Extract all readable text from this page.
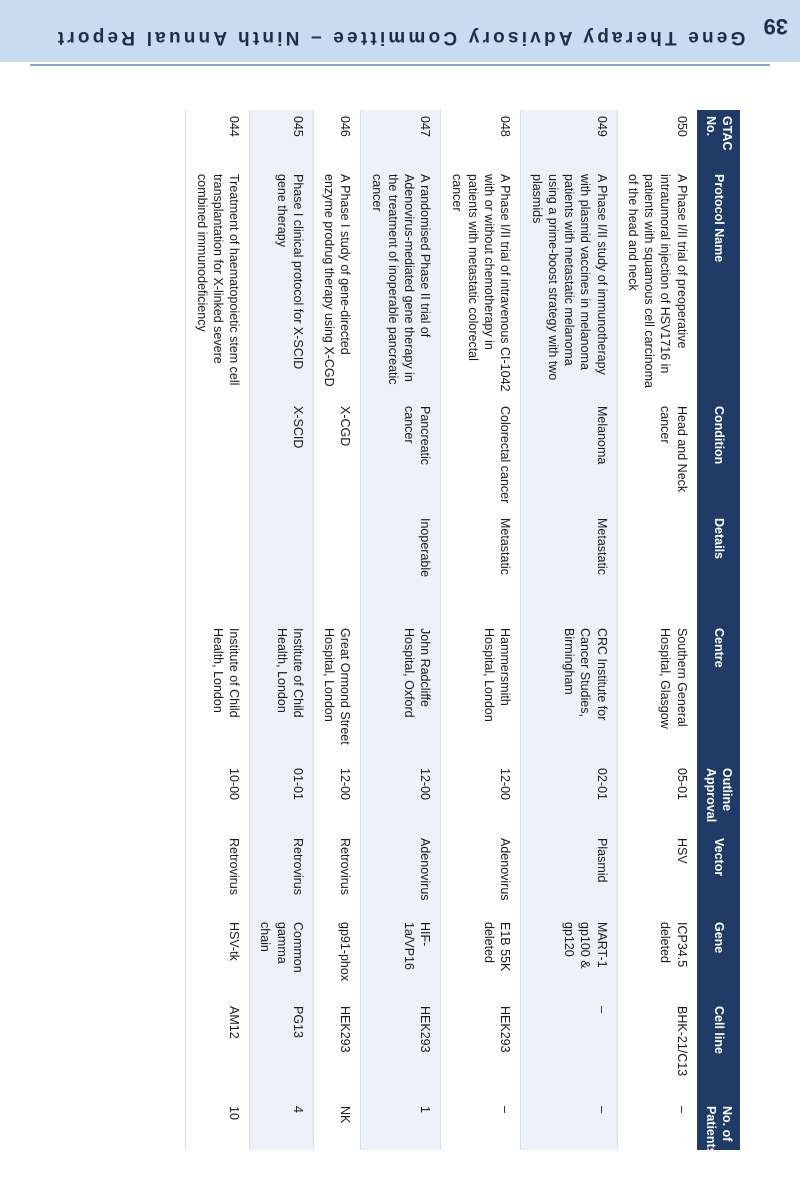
Gene Therapy Advisory Committee – Ninth Annual Report 39
GTAC No.	Protocol Name	Condition	Details	Centre	Outline Approval	Vector	Gene	Cell line	No. of Patients
050	A Phase I/II trial of preoperative intratumoral injection of HSV1716 in patients with squamous cell carcinoma of the head and neck	Head and Neck cancer		Southern General Hospital, Glasgow	05-01	HSV	ICP34.5 deleted	BHK-21/C13	–
049	A Phase I/II study of immunotherapy with plasmid vaccines in melanoma patients with metastatic melanoma using a prime-boost strategy with two plasmids	Melanoma	Metastatic	CRC Institute for Cancer Studies, Birmingham	02-01	Plasmid	MART-1 gp100 & gp120	–	–
048	A Phase I/II trial of intravenous CI-1042 with or without chemotherapy in patients with metastatic colorectal cancer	Colorectal cancer	Metastatic	Hammersmith Hospital, London	12-00	Adenovirus	E1B 55K deleted	HEK293	–
047	A randomised Phase II trial of Adenovirus-mediated gene therapy in the treatment of inoperable pancreatic cancer	Pancreatic cancer	Inoperable	John Radcliffe Hospital, Oxford	12-00	Adenovirus	HIF-1a/VP16	HEK293	1
046	A Phase I study of gene-directed enzyme prodrug therapy using X-CGD	X-CGD		Great Ormond Street Hospital, London	12-00	Retrovirus	gp91-phox	HEK293	NK
045	Phase I clinical protocol for X-SCID gene therapy	X-SCID		Institute of Child Health, London	01-01	Retrovirus	Common gamma chain	PG13	4
044	Treatment of haematopoietic stem cell transplantation for X-linked severe combined immunodeficiency			Institute of Child Health, London	10-00	Retrovirus	HSV-tk	AM12	10
